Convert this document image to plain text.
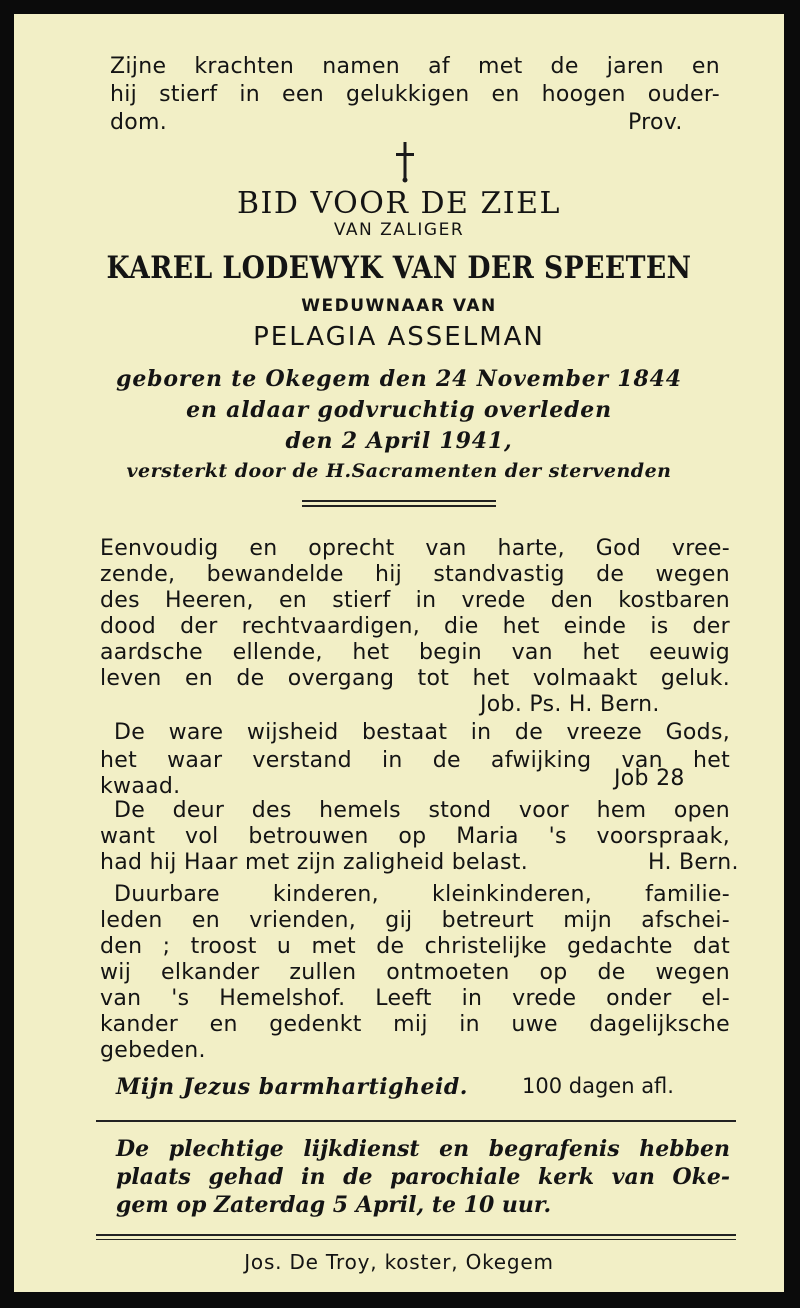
Zijne krachten namen af met de jaren en
hij stierf in een gelukkigen en hoogen ouder-
dom.	Prov.
BID VOOR DE ZIEL
VAN ZALIGER
KAREL LODEWYK VAN DER SPEETEN
WEDUWNAAR VAN
PELAGIA ASSELMAN
geboren te Okegem den 24 November 1844
en aldaar godvruchtig overleden
den 2 April 1941,
versterkt door de H.Sacramenten der stervenden
Eenvoudig en oprecht van harte, God vree-
zende, bewandelde hij standvastig de wegen
des Heeren, en stierf in vrede den kostbaren
dood der rechtvaardigen, die het einde is der
aardsche ellende, het begin van het eeuwig
leven en de overgang tot het volmaakt geluk.
Job. Ps. H. Bern.
De ware wijsheid bestaat in de vreeze Gods,
het waar verstand in de afwijking van het
kwaad.	Job 28
De deur des hemels stond voor hem open
want vol betrouwen op Maria 's voorspraak,
had hij Haar met zijn zaligheid belast.	H. Bern.
Duurbare kinderen, kleinkinderen, familie-
leden en vrienden, gij betreurt mijn afschei-
den ; troost u met de christelijke gedachte dat
wij elkander zullen ontmoeten op de wegen
van 's Hemelshof. Leeft in vrede onder el-
kander en gedenkt mij in uwe dagelijksche
gebeden.
Mijn Jezus barmhartigheid.	100 dagen afl.
De plechtige lijkdienst en begrafenis hebben
plaats gehad in de parochiale kerk van Oke-
gem op Zaterdag 5 April, te 10 uur.
Jos. De Troy, koster, Okegem
